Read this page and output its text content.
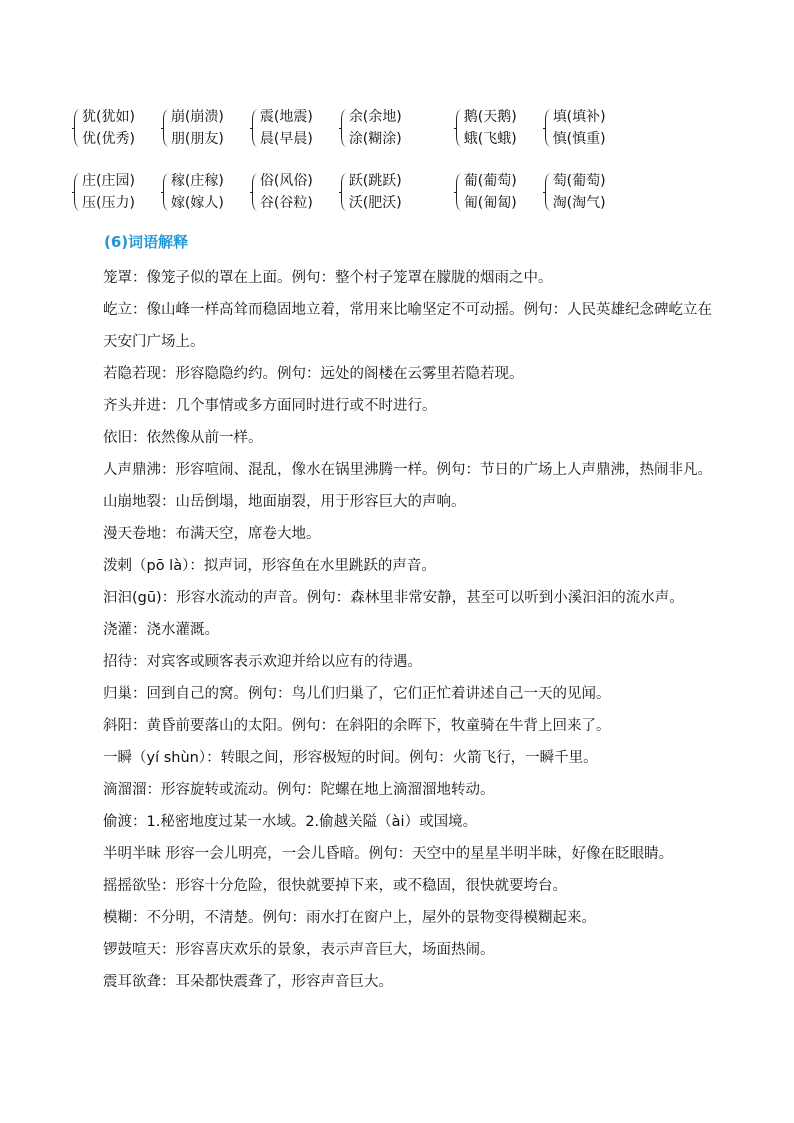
犹(犹如)
优(优秀)
崩(崩溃)
朋(朋友)
震(地震)
晨(早晨)
余(余地)
涂(糊涂)
鹅(天鹅)
蛾(飞蛾)
填(填补)
慎(慎重)
庄(庄园)
压(压力)
稼(庄稼)
嫁(嫁人)
俗(风俗)
谷(谷粒)
跃(跳跃)
沃(肥沃)
葡(葡萄)
匍(匍匐)
萄(葡萄)
淘(淘气)
(6)词语解释

笼罩：像笼子似的罩在上面。例句：整个村子笼罩在朦胧的烟雨之中。

屹立：像山峰一样高耸而稳固地立着，常用来比喻坚定不可动摇。例句：人民英雄纪念碑屹立在天安门广场上。

若隐若现：形容隐隐约约。例句：远处的阁楼在云雾里若隐若现。

齐头并进：几个事情或多方面同时进行或不时进行。

依旧：依然像从前一样。

人声鼎沸：形容喧闹、混乱，像水在锅里沸腾一样。例句：节日的广场上人声鼎沸，热闹非凡。

山崩地裂：山岳倒塌，地面崩裂，用于形容巨大的声响。

漫天卷地：布满天空，席卷大地。

泼剌（pō là）：拟声词，形容鱼在水里跳跃的声音。

汩汩(gū)：形容水流动的声音。例句：森林里非常安静，甚至可以听到小溪汩汩的流水声。

浇灌：浇水灌溉。

招待：对宾客或顾客表示欢迎并给以应有的待遇。

归巢：回到自己的窝。例句：鸟儿们归巢了，它们正忙着讲述自己一天的见闻。

斜阳：黄昏前要落山的太阳。例句：在斜阳的余晖下，牧童骑在牛背上回来了。

一瞬（yí shùn）：转眼之间，形容极短的时间。例句：火箭飞行，一瞬千里。

滴溜溜：形容旋转或流动。例句：陀螺在地上滴溜溜地转动。

偷渡：1.秘密地度过某一水域。2.偷越关隘（ài）或国境。

半明半昧 形容一会儿明亮，一会儿昏暗。例句：天空中的星星半明半昧，好像在眨眼睛。

摇摇欲坠：形容十分危险，很快就要掉下来，或不稳固，很快就要垮台。

模糊：不分明，不清楚。例句：雨水打在窗户上，屋外的景物变得模糊起来。

锣鼓喧天：形容喜庆欢乐的景象，表示声音巨大，场面热闹。

震耳欲聋：耳朵都快震聋了，形容声音巨大。
